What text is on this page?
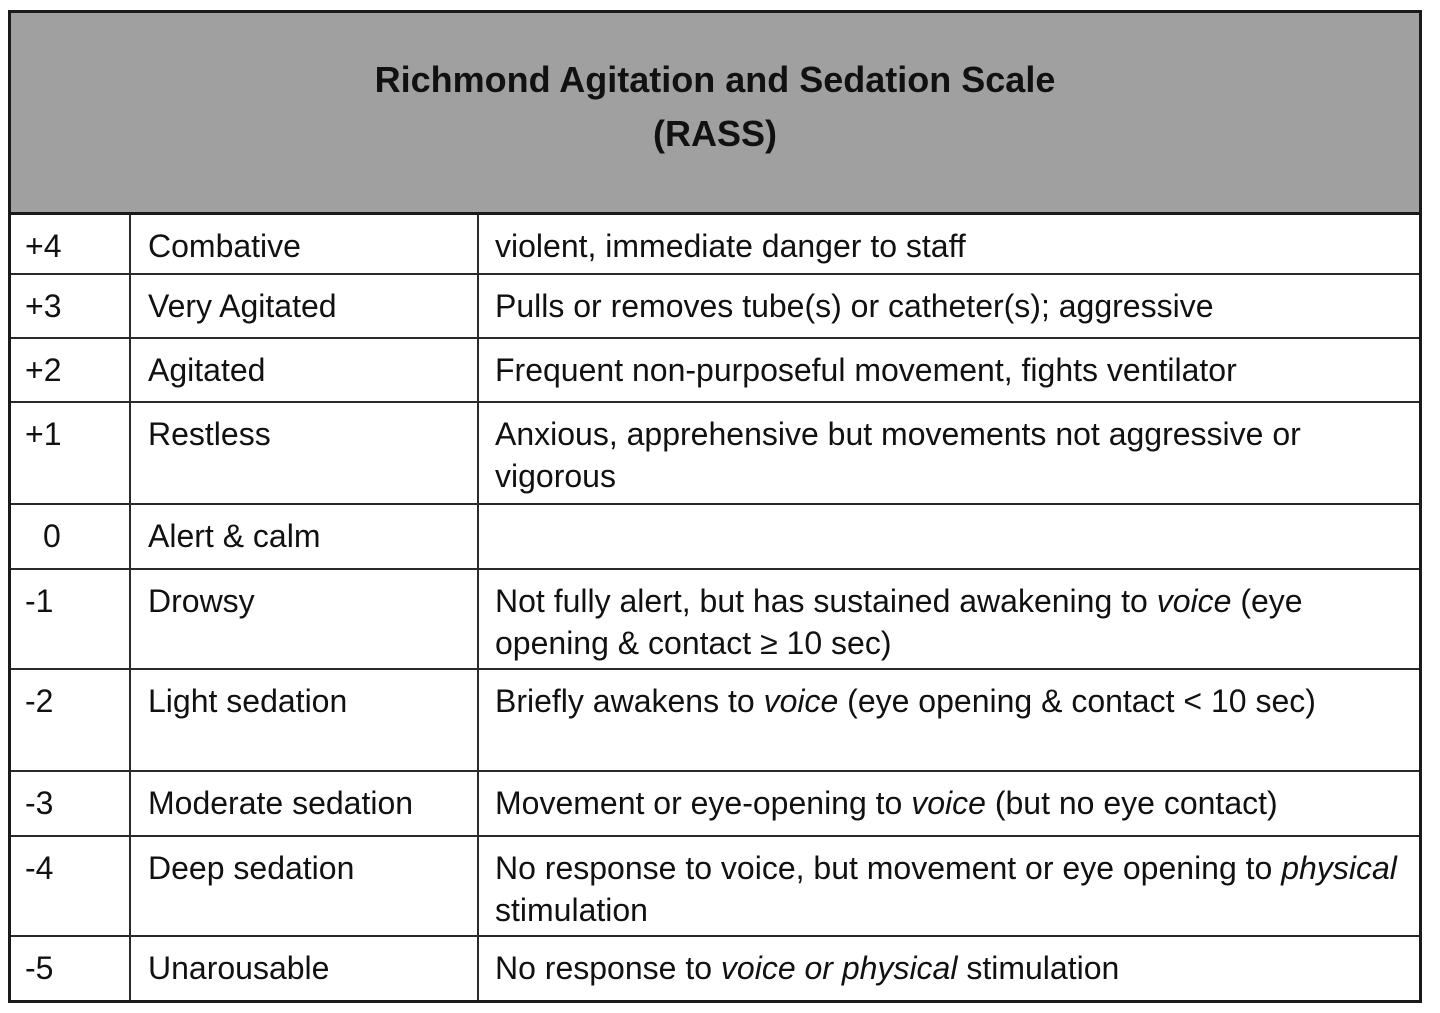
Richmond Agitation and Sedation Scale
(RASS)
+4	Combative	violent, immediate danger to staff
+3	Very Agitated	Pulls or removes tube(s) or catheter(s); aggressive
+2	Agitated	Frequent non-purposeful movement, fights ventilator
+1	Restless	Anxious, apprehensive but movements not aggressive or vigorous
0	Alert & calm
-1	Drowsy	Not fully alert, but has sustained awakening to voice (eye opening & contact ≥ 10 sec)
-2	Light sedation	Briefly awakens to voice (eye opening & contact < 10 sec)
-3	Moderate sedation	Movement or eye-opening to voice (but no eye contact)
-4	Deep sedation	No response to voice, but movement or eye opening to physical stimulation
-5	Unarousable	No response to voice or physical stimulation
